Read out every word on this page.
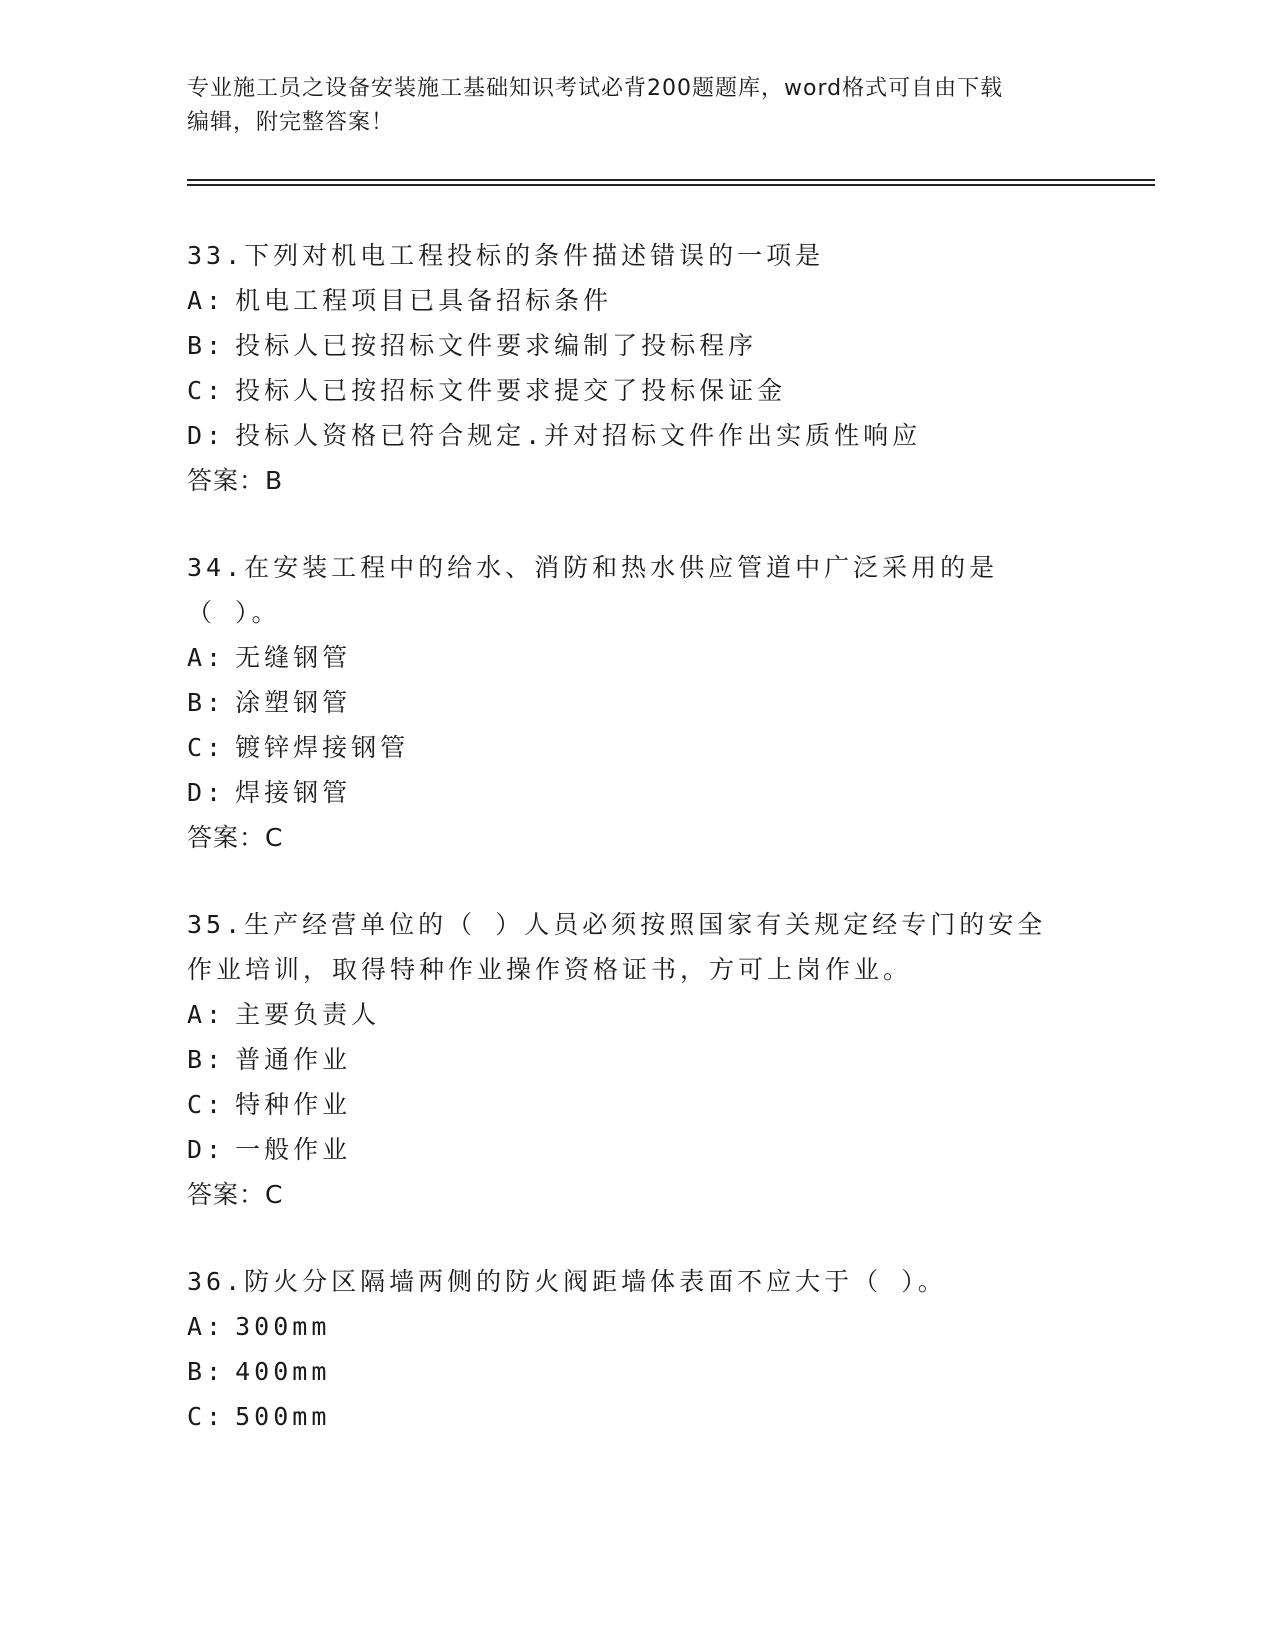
专业施工员之设备安装施工基础知识考试必背200题题库，word格式可自由下载
编辑，附完整答案！
33.下列对机电工程投标的条件描述错误的一项是
A: 机电工程项目已具备招标条件
B: 投标人已按招标文件要求编制了投标程序
C: 投标人已按招标文件要求提交了投标保证金
D: 投标人资格已符合规定.并对招标文件作出实质性响应
答案：B
34.在安装工程中的给水、消防和热水供应管道中广泛采用的是（ ）。
A: 无缝钢管
B: 涂塑钢管
C: 镀锌焊接钢管
D: 焊接钢管
答案：C
35.生产经营单位的（ ）人员必须按照国家有关规定经专门的安全作业培训，取得特种作业操作资格证书，方可上岗作业。
A: 主要负责人
B: 普通作业
C: 特种作业
D: 一般作业
答案：C
36.防火分区隔墙两侧的防火阀距墙体表面不应大于（ ）。
A: 300mm
B: 400mm
C: 500mm
